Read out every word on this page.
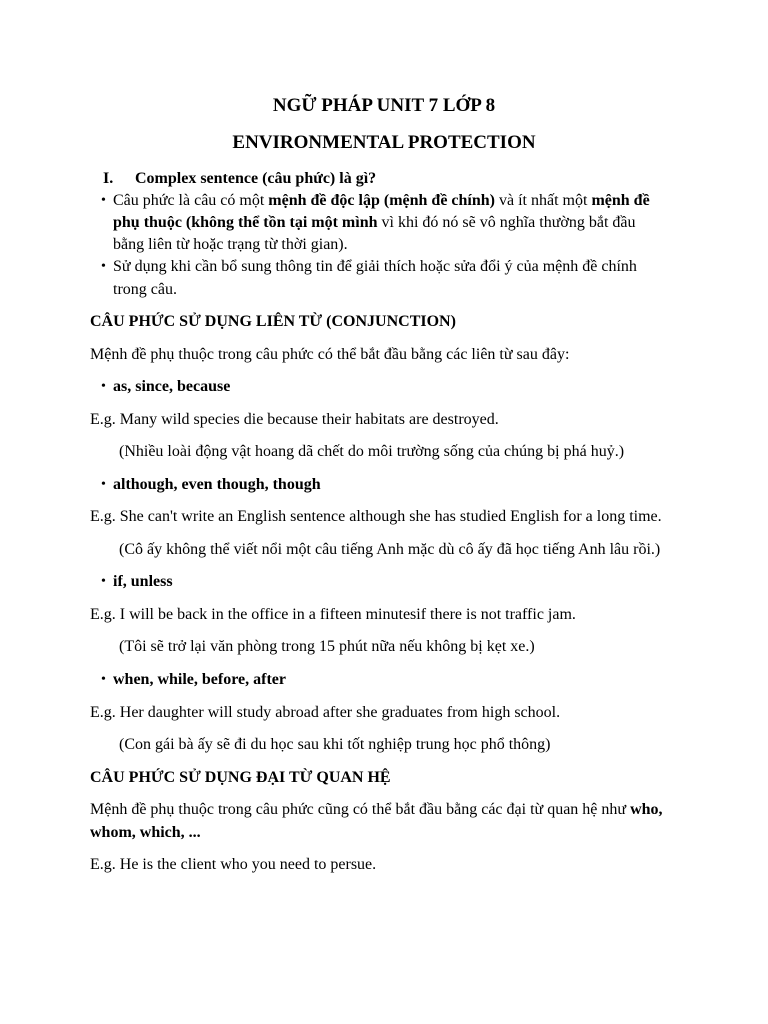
NGỮ PHÁP UNIT 7 LỚP 8
ENVIRONMENTAL PROTECTION
I. Complex sentence (câu phức) là gì?
• Câu phức là câu có một mệnh đề độc lập (mệnh đề chính) và ít nhất một mệnh đề
phụ thuộc (không thể tồn tại một mình vì khi đó nó sẽ vô nghĩa thường bắt đầu
bằng liên từ hoặc trạng từ thời gian).
• Sử dụng khi cần bổ sung thông tin để giải thích hoặc sửa đổi ý của mệnh đề chính
trong câu.
CÂU PHỨC SỬ DỤNG LIÊN TỪ (CONJUNCTION)
Mệnh đề phụ thuộc trong câu phức có thể bắt đầu bằng các liên từ sau đây:
• as, since, because
E.g. Many wild species die because their habitats are destroyed.
(Nhiều loài động vật hoang dã chết do môi trường sống của chúng bị phá huỷ.)
• although, even though, though
E.g. She can't write an English sentence although she has studied English for a long time.
(Cô ấy không thể viết nổi một câu tiếng Anh mặc dù cô ấy đã học tiếng Anh lâu rồi.)
• if, unless
E.g. I will be back in the office in a fifteen minutesif there is not traffic jam.
(Tôi sẽ trở lại văn phòng trong 15 phút nữa nếu không bị kẹt xe.)
• when, while, before, after
E.g. Her daughter will study abroad after she graduates from high school.
(Con gái bà ấy sẽ đi du học sau khi tốt nghiệp trung học phổ thông)
CÂU PHỨC SỬ DỤNG ĐẠI TỪ QUAN HỆ
Mệnh đề phụ thuộc trong câu phức cũng có thể bắt đầu bằng các đại từ quan hệ như who,
whom, which, ...
E.g. He is the client who you need to persue.
